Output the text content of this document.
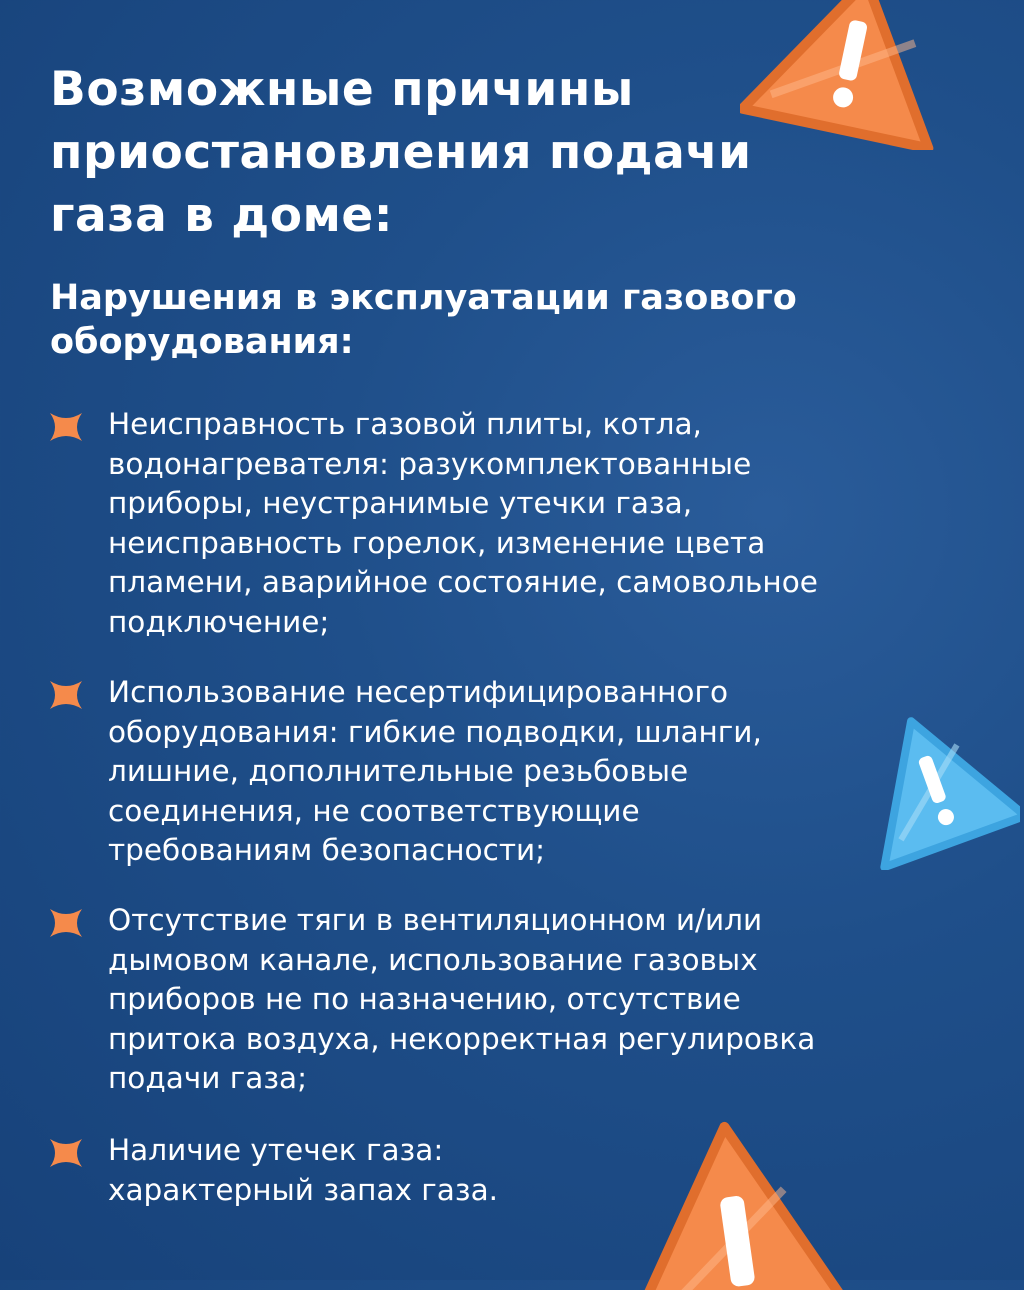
Возможные причины
приостановления подачи
газа в доме:
Нарушения в эксплуатации газового
оборудования:
Неисправность газовой плиты, котла,
водонагревателя: разукомплектованные
приборы, неустранимые утечки газа,
неисправность горелок, изменение цвета
пламени, аварийное состояние, самовольное
подключение;
Использование несертифицированного
оборудования: гибкие подводки, шланги,
лишние, дополнительные резьбовые
соединения, не соответствующие
требованиям безопасности;
Отсутствие тяги в вентиляционном и/или
дымовом канале, использование газовых
приборов не по назначению, отсутствие
притока воздуха, некорректная регулировка
подачи газа;
Наличие утечек газа:
характерный запах газа.
